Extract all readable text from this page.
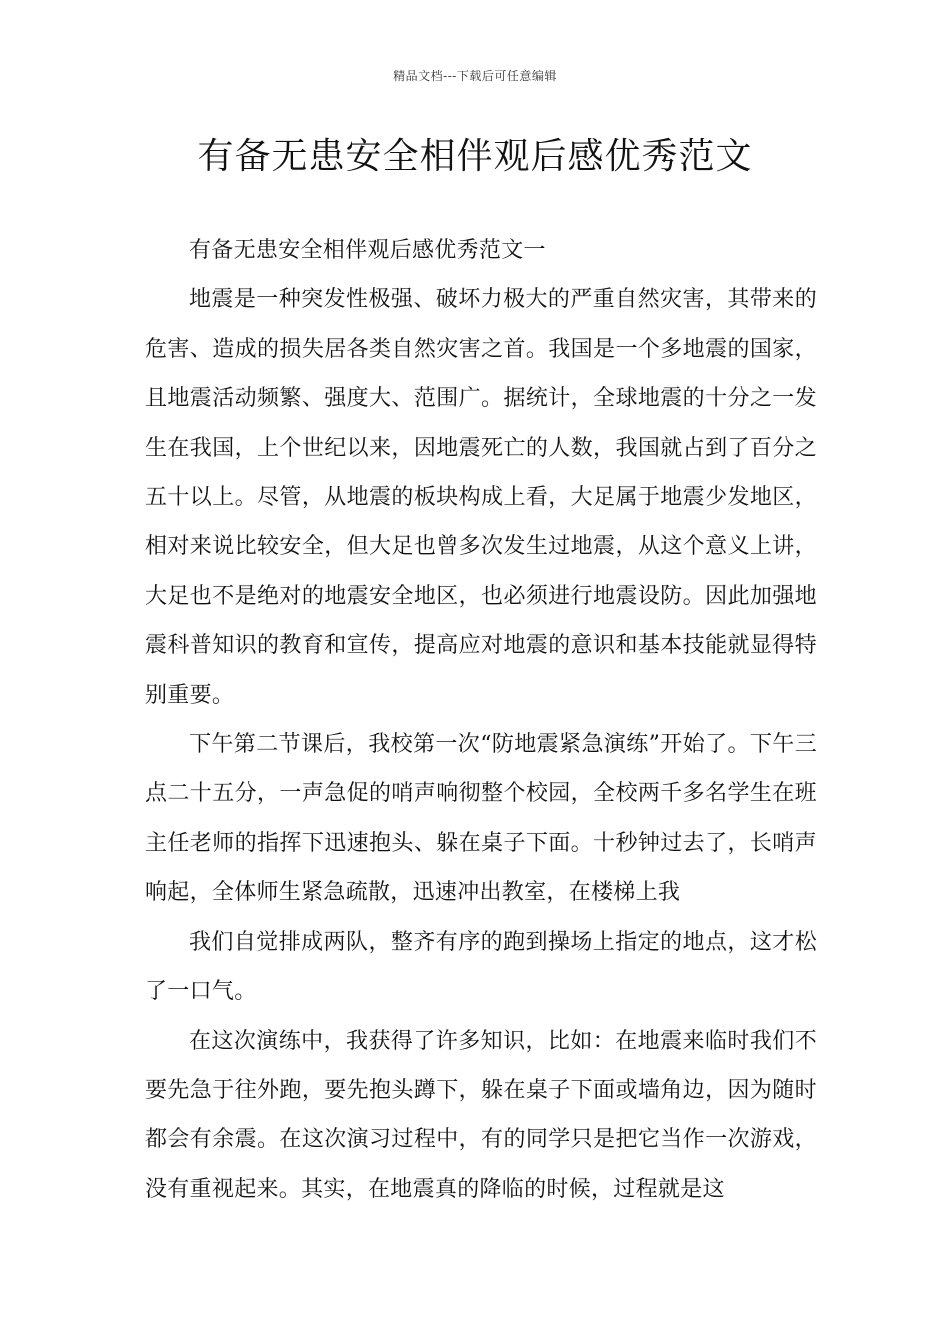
精品文档---下载后可任意编辑
有备无患安全相伴观后感优秀范文

有备无患安全相伴观后感优秀范文一

地震是一种突发性极强、破坏力极大的严重自然灾害，其带来的危害、造成的损失居各类自然灾害之首。我国是一个多地震的国家，且地震活动频繁、强度大、范围广。据统计，全球地震的十分之一发生在我国，上个世纪以来，因地震死亡的人数，我国就占到了百分之五十以上。尽管，从地震的板块构成上看，大足属于地震少发地区，相对来说比较安全，但大足也曾多次发生过地震，从这个意义上讲，大足也不是绝对的地震安全地区，也必须进行地震设防。因此加强地震科普知识的教育和宣传，提高应对地震的意识和基本技能就显得特别重要。

下午第二节课后，我校第一次“防地震紧急演练”开始了。下午三点二十五分，一声急促的哨声响彻整个校园，全校两千多名学生在班主任老师的指挥下迅速抱头、躲在桌子下面。十秒钟过去了，长哨声响起，全体师生紧急疏散，迅速冲出教室，在楼梯上我

我们自觉排成两队，整齐有序的跑到操场上指定的地点，这才松了一口气。

在这次演练中，我获得了许多知识，比如：在地震来临时我们不要先急于往外跑，要先抱头蹲下，躲在桌子下面或墙角边，因为随时都会有余震。在这次演习过程中，有的同学只是把它当作一次游戏，没有重视起来。其实，在地震真的降临的时候，过程就是这
